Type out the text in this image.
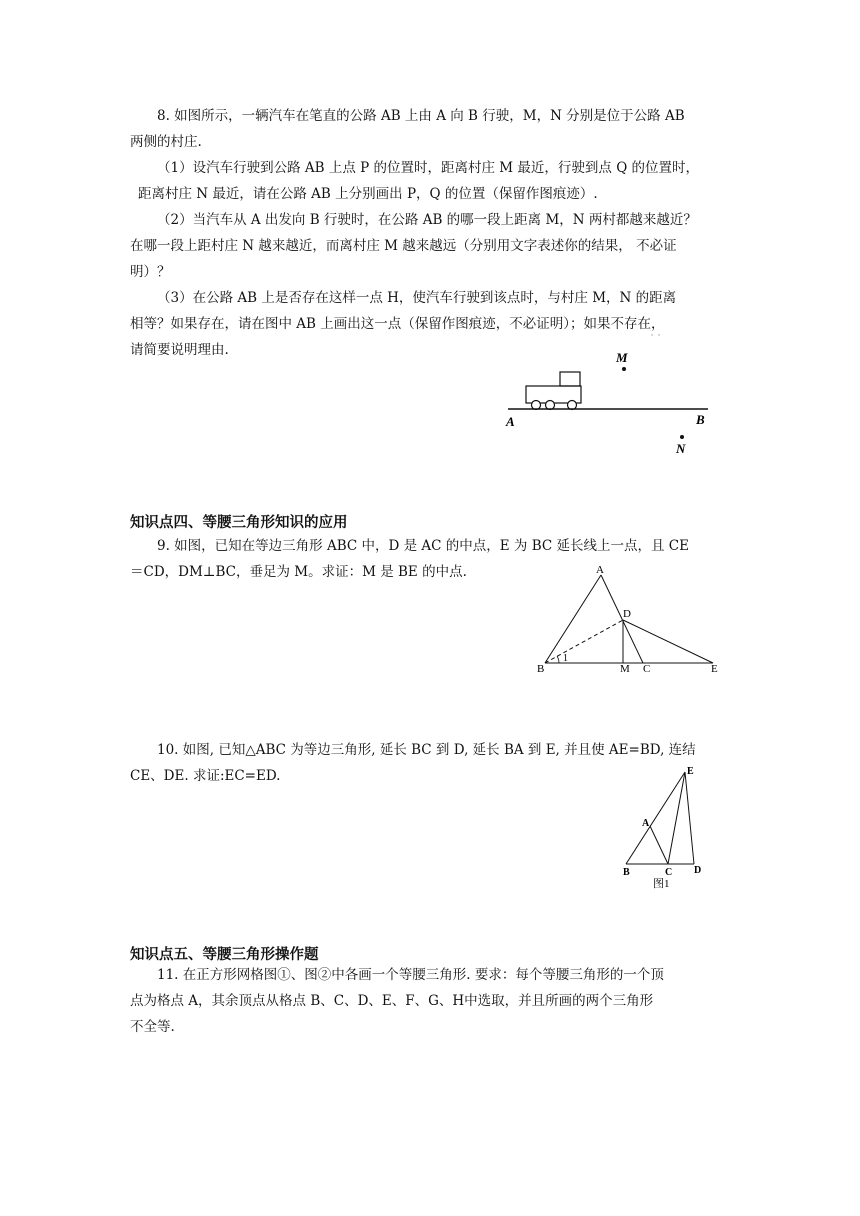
8. 如图所示，一辆汽车在笔直的公路 AB 上由 A 向 B 行驶，M，N 分别是位于公路 AB
两侧的村庄.
（1）设汽车行驶到公路 AB 上点 P 的位置时，距离村庄 M 最近，行驶到点 Q 的位置时，
距离村庄 N 最近，请在公路 AB 上分别画出 P，Q 的位置（保留作图痕迹）.
（2）当汽车从 A 出发向 B 行驶时，在公路 AB 的哪一段上距离 M，N 两村都越来越近？
在哪一段上距村庄 N 越来越近，而离村庄 M 越来越远（分别用文字表述你的结果， 不必证
明）？
（3）在公路 AB 上是否存在这样一点 H，使汽车行驶到该点时，与村庄 M，N 的距离
相等？如果存在，请在图中 AB 上画出这一点（保留作图痕迹，不必证明）；如果不存在，
请简要说明理由.
˙ ˙
M
A	B
N
知识点四、等腰三角形知识的应用
9. 如图，已知在等边三角形 ABC 中，D 是 AC 的中点，E 为 BC 延长线上一点，且 CE
＝CD，DM⊥BC，垂足为 M。求证：M 是 BE 的中点.	A
D
1
B	M C	E
10. 如图, 已知△ABC 为等边三角形, 延长 BC 到 D, 延长 BA 到 E, 并且使 AE=BD, 连结
CE、DE. 求证:EC=ED.	E
A
B	C D
图1
知识点五、等腰三角形操作题
11. 在正方形网格图①、图②中各画一个等腰三角形. 要求：每个等腰三角形的一个顶
点为格点 A，其余顶点从格点 B、C、D、E、F、G、H中选取，并且所画的两个三角形
不全等.
